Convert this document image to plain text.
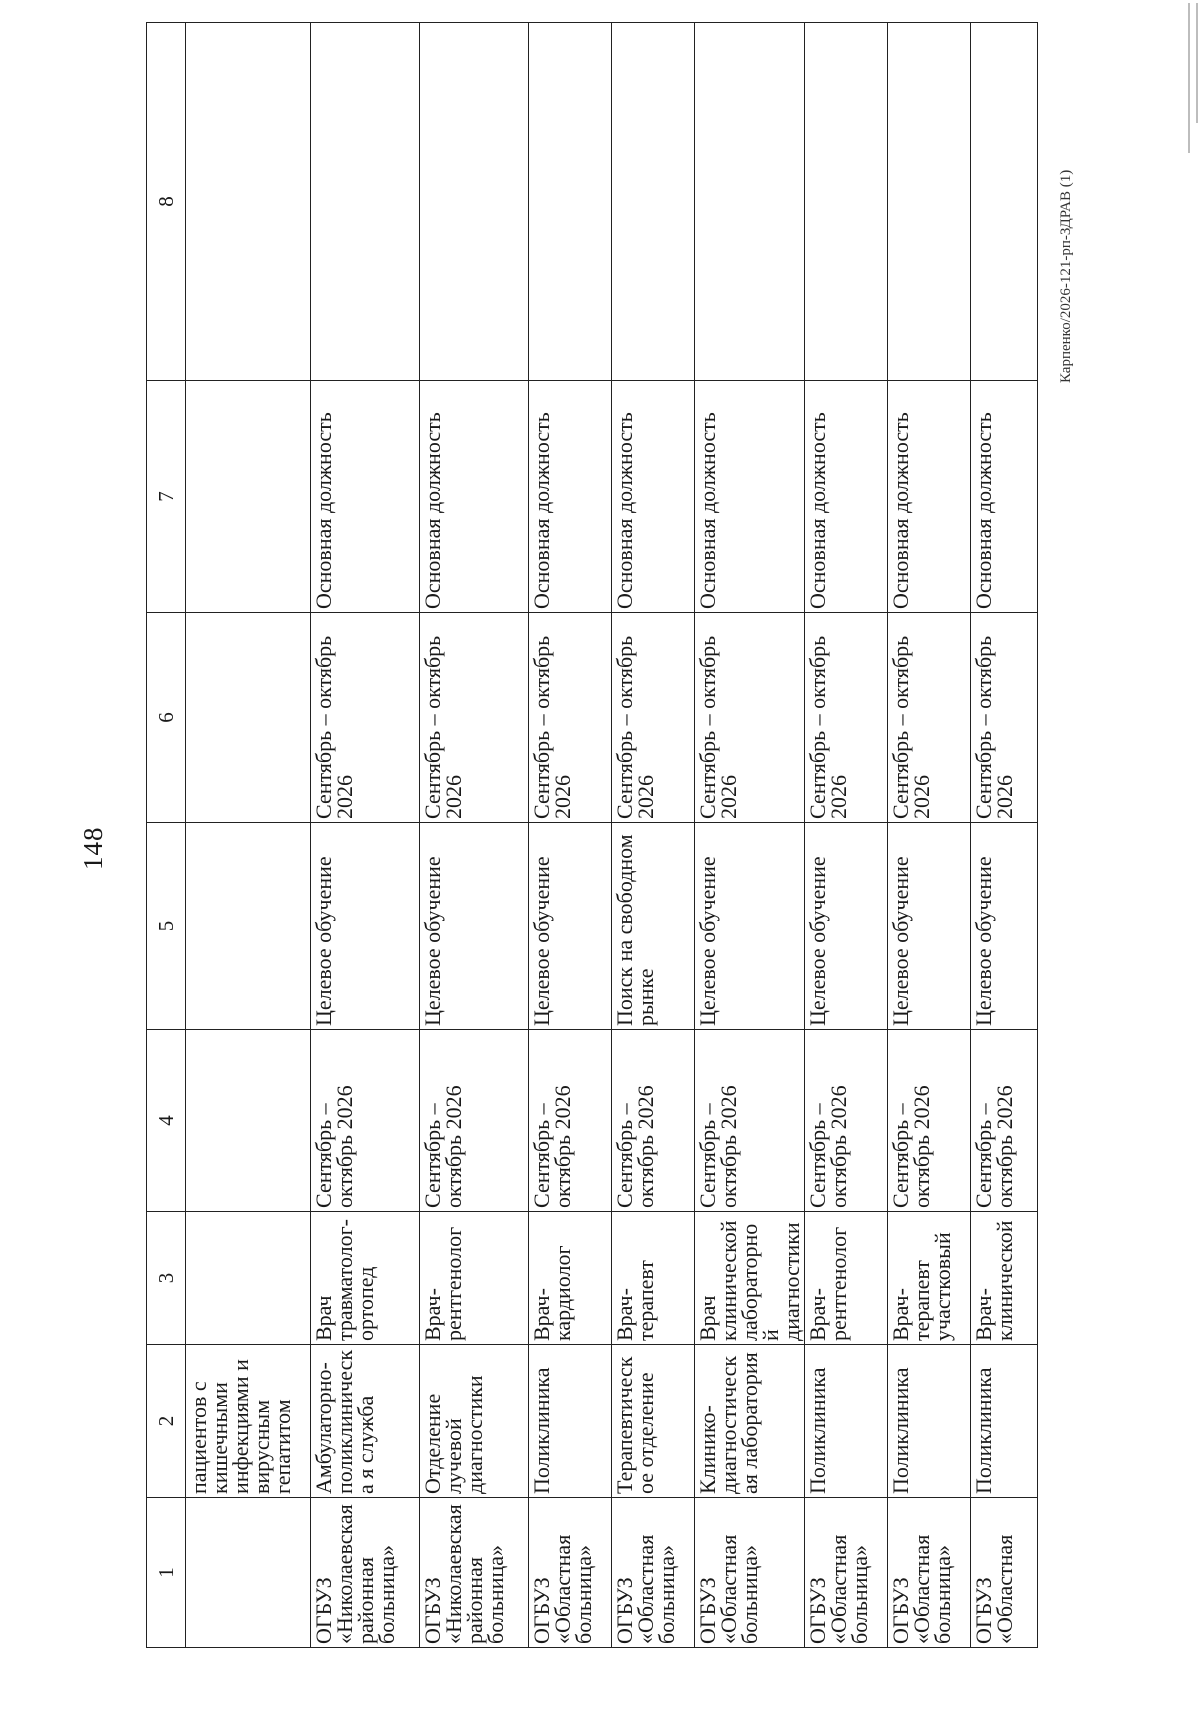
148
1	2	3	4	5	6	7	8
	пациентов с кишечными инфекциями и вирусным гепатитом						
ОГБУЗ «Николаевская районная больница»	Амбулаторно-поликлиническа я служба	Врач травматолог-ортопед	Сентябрь – октябрь 2026	Целевое обучение	Сентябрь – октябрь 2026	Основная должность	
ОГБУЗ «Николаевская районная больница»	Отделение лучевой диагностики	Врач-рентгенолог	Сентябрь – октябрь 2026	Целевое обучение	Сентябрь – октябрь 2026	Основная должность	
ОГБУЗ «Областная больница»	Поликлиника	Врач-кардиолог	Сентябрь – октябрь 2026	Целевое обучение	Сентябрь – октябрь 2026	Основная должность	
ОГБУЗ «Областная больница»	Терапевтическое отделение	Врач-терапевт	Сентябрь – октябрь 2026	Поиск на свободном рынке	Сентябрь – октябрь 2026	Основная должность	
ОГБУЗ «Областная больница»	Клинико-диагностическая лаборатория	Врач клинической лабораторной диагностики	Сентябрь – октябрь 2026	Целевое обучение	Сентябрь – октябрь 2026	Основная должность	
ОГБУЗ «Областная больница»	Поликлиника	Врач-рентгенолог	Сентябрь – октябрь 2026	Целевое обучение	Сентябрь – октябрь 2026	Основная должность	
ОГБУЗ «Областная больница»	Поликлиника	Врач-терапевт участковый	Сентябрь – октябрь 2026	Целевое обучение	Сентябрь – октябрь 2026	Основная должность	
ОГБУЗ «Областная	Поликлиника	Врач-клинической	Сентябрь – октябрь 2026	Целевое обучение	Сентябрь – октябрь 2026	Основная должность	
Карпенко/2026-121-рп-ЗДРАВ (1)
